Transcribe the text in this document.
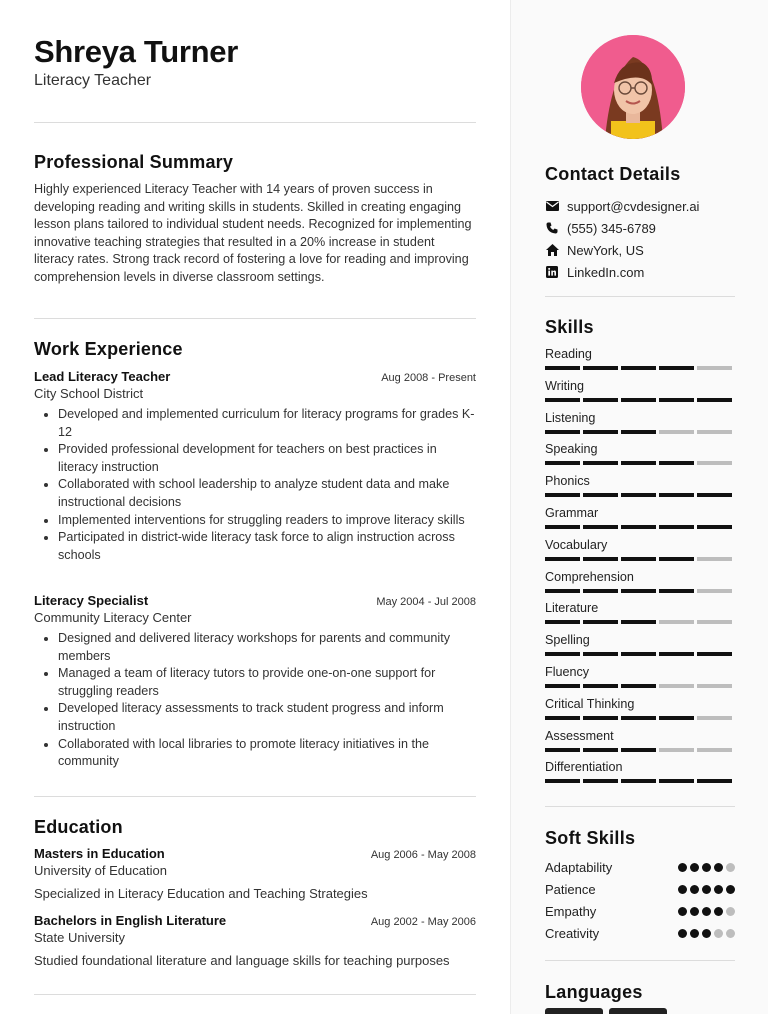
Shreya Turner
Literacy Teacher
Professional Summary
Highly experienced Literacy Teacher with 14 years of proven success in developing reading and writing skills in students. Skilled in creating engaging lesson plans tailored to individual student needs. Recognized for implementing innovative teaching strategies that resulted in a 20% increase in student literacy rates. Strong track record of fostering a love for reading and improving comprehension levels in diverse classroom settings.
Work Experience
Lead Literacy Teacher	Aug 2008 - Present
City School District
• Developed and implemented curriculum for literacy programs for grades K-12
• Provided professional development for teachers on best practices in literacy instruction
• Collaborated with school leadership to analyze student data and make instructional decisions
• Implemented interventions for struggling readers to improve literacy skills
• Participated in district-wide literacy task force to align instruction across schools
Literacy Specialist	May 2004 - Jul 2008
Community Literacy Center
• Designed and delivered literacy workshops for parents and community members
• Managed a team of literacy tutors to provide one-on-one support for struggling readers
• Developed literacy assessments to track student progress and inform instruction
• Collaborated with local libraries to promote literacy initiatives in the community
Education
Masters in Education	Aug 2006 - May 2008
University of Education
Specialized in Literacy Education and Teaching Strategies
Bachelors in English Literature	Aug 2002 - May 2006
State University
Studied foundational literature and language skills for teaching purposes
Contact Details
support@cvdesigner.ai
(555) 345-6789
NewYork, US
LinkedIn.com
Skills
Reading
Writing
Listening
Speaking
Phonics
Grammar
Vocabulary
Comprehension
Literature
Spelling
Fluency
Critical Thinking
Assessment
Differentiation
Soft Skills
Adaptability
Patience
Empathy
Creativity
Languages
